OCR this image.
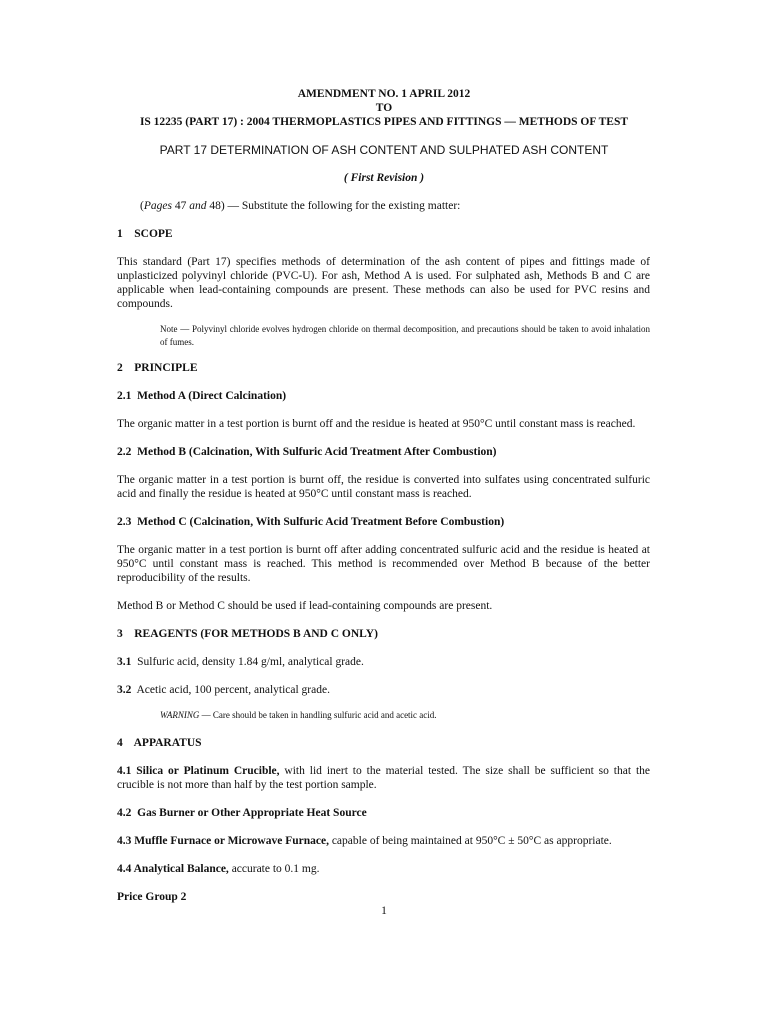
AMENDMENT NO. 1 APRIL 2012
TO
IS 12235 (PART 17) : 2004 THERMOPLASTICS PIPES AND FITTINGS — METHODS OF TEST
PART 17 DETERMINATION OF ASH CONTENT AND SULPHATED ASH CONTENT
( First Revision )
(Pages 47 and 48) — Substitute the following for the existing matter:
1    SCOPE
This standard (Part 17) specifies methods of determination of the ash content of pipes and fittings made of unplasticized polyvinyl chloride (PVC-U). For ash, Method A is used. For sulphated ash, Methods B and C are applicable when lead-containing compounds are present. These methods can also be used for PVC resins and compounds.
Note — Polyvinyl chloride evolves hydrogen chloride on thermal decomposition, and precautions should be taken to avoid inhalation of fumes.
2    PRINCIPLE
2.1  Method A (Direct Calcination)
The organic matter in a test portion is burnt off and the residue is heated at 950°C until constant mass is reached.
2.2  Method B (Calcination, With Sulfuric Acid Treatment After Combustion)
The organic matter in a test portion is burnt off, the residue is converted into sulfates using concentrated sulfuric acid and finally the residue is heated at 950°C until constant mass is reached.
2.3  Method C (Calcination, With Sulfuric Acid Treatment Before Combustion)
The organic matter in a test portion is burnt off after adding concentrated sulfuric acid and the residue is heated at 950°C until constant mass is reached. This method is recommended over Method B because of the better reproducibility of the results.
Method B or Method C should be used if lead-containing compounds are present.
3    REAGENTS (FOR METHODS B AND C ONLY)
3.1  Sulfuric acid, density 1.84 g/ml, analytical grade.
3.2  Acetic acid, 100 percent, analytical grade.
WARNING — Care should be taken in handling sulfuric acid and acetic acid.
4    APPARATUS
4.1 Silica or Platinum Crucible, with lid inert to the material tested. The size shall be sufficient so that the crucible is not more than half by the test portion sample.
4.2  Gas Burner or Other Appropriate Heat Source
4.3 Muffle Furnace or Microwave Furnace, capable of being maintained at 950°C ± 50°C as appropriate.
4.4 Analytical Balance, accurate to 0.1 mg.
Price Group 2
1
